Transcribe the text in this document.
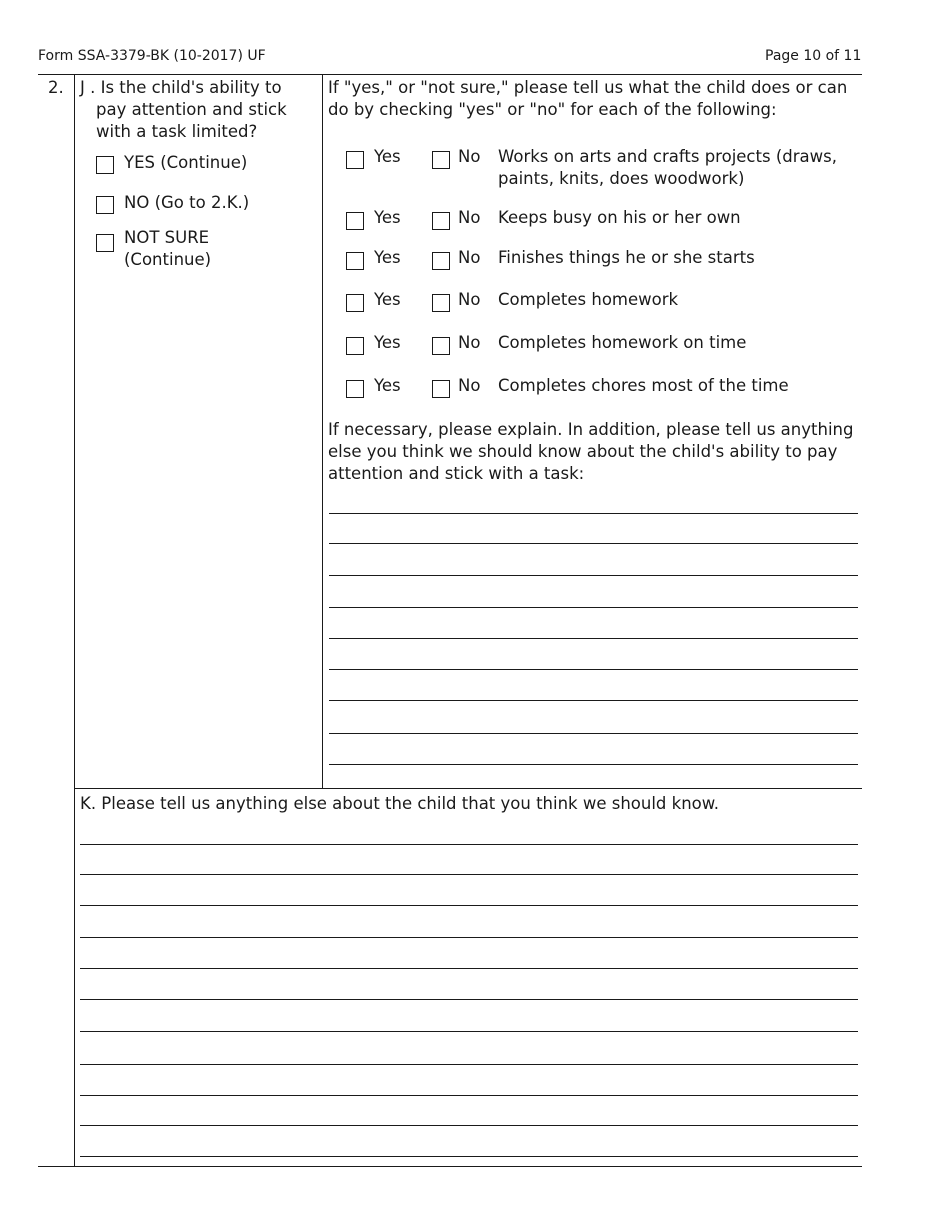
Form SSA-3379-BK (10-2017) UF	Page 10 of 11
2. J . Is the child's ability to pay attention and stick with a task limited?
YES (Continue)
NO (Go to 2.K.)
NOT SURE (Continue)
If "yes," or "not sure," please tell us what the child does or can do by checking "yes" or "no" for each of the following:
Yes	No Works on arts and crafts projects (draws, paints, knits, does woodwork)
Yes	No Keeps busy on his or her own
Yes	No Finishes things he or she starts
Yes	No Completes homework
Yes	No Completes homework on time
Yes	No Completes chores most of the time
If necessary, please explain. In addition, please tell us anything else you think we should know about the child's ability to pay attention and stick with a task:
K. Please tell us anything else about the child that you think we should know.
